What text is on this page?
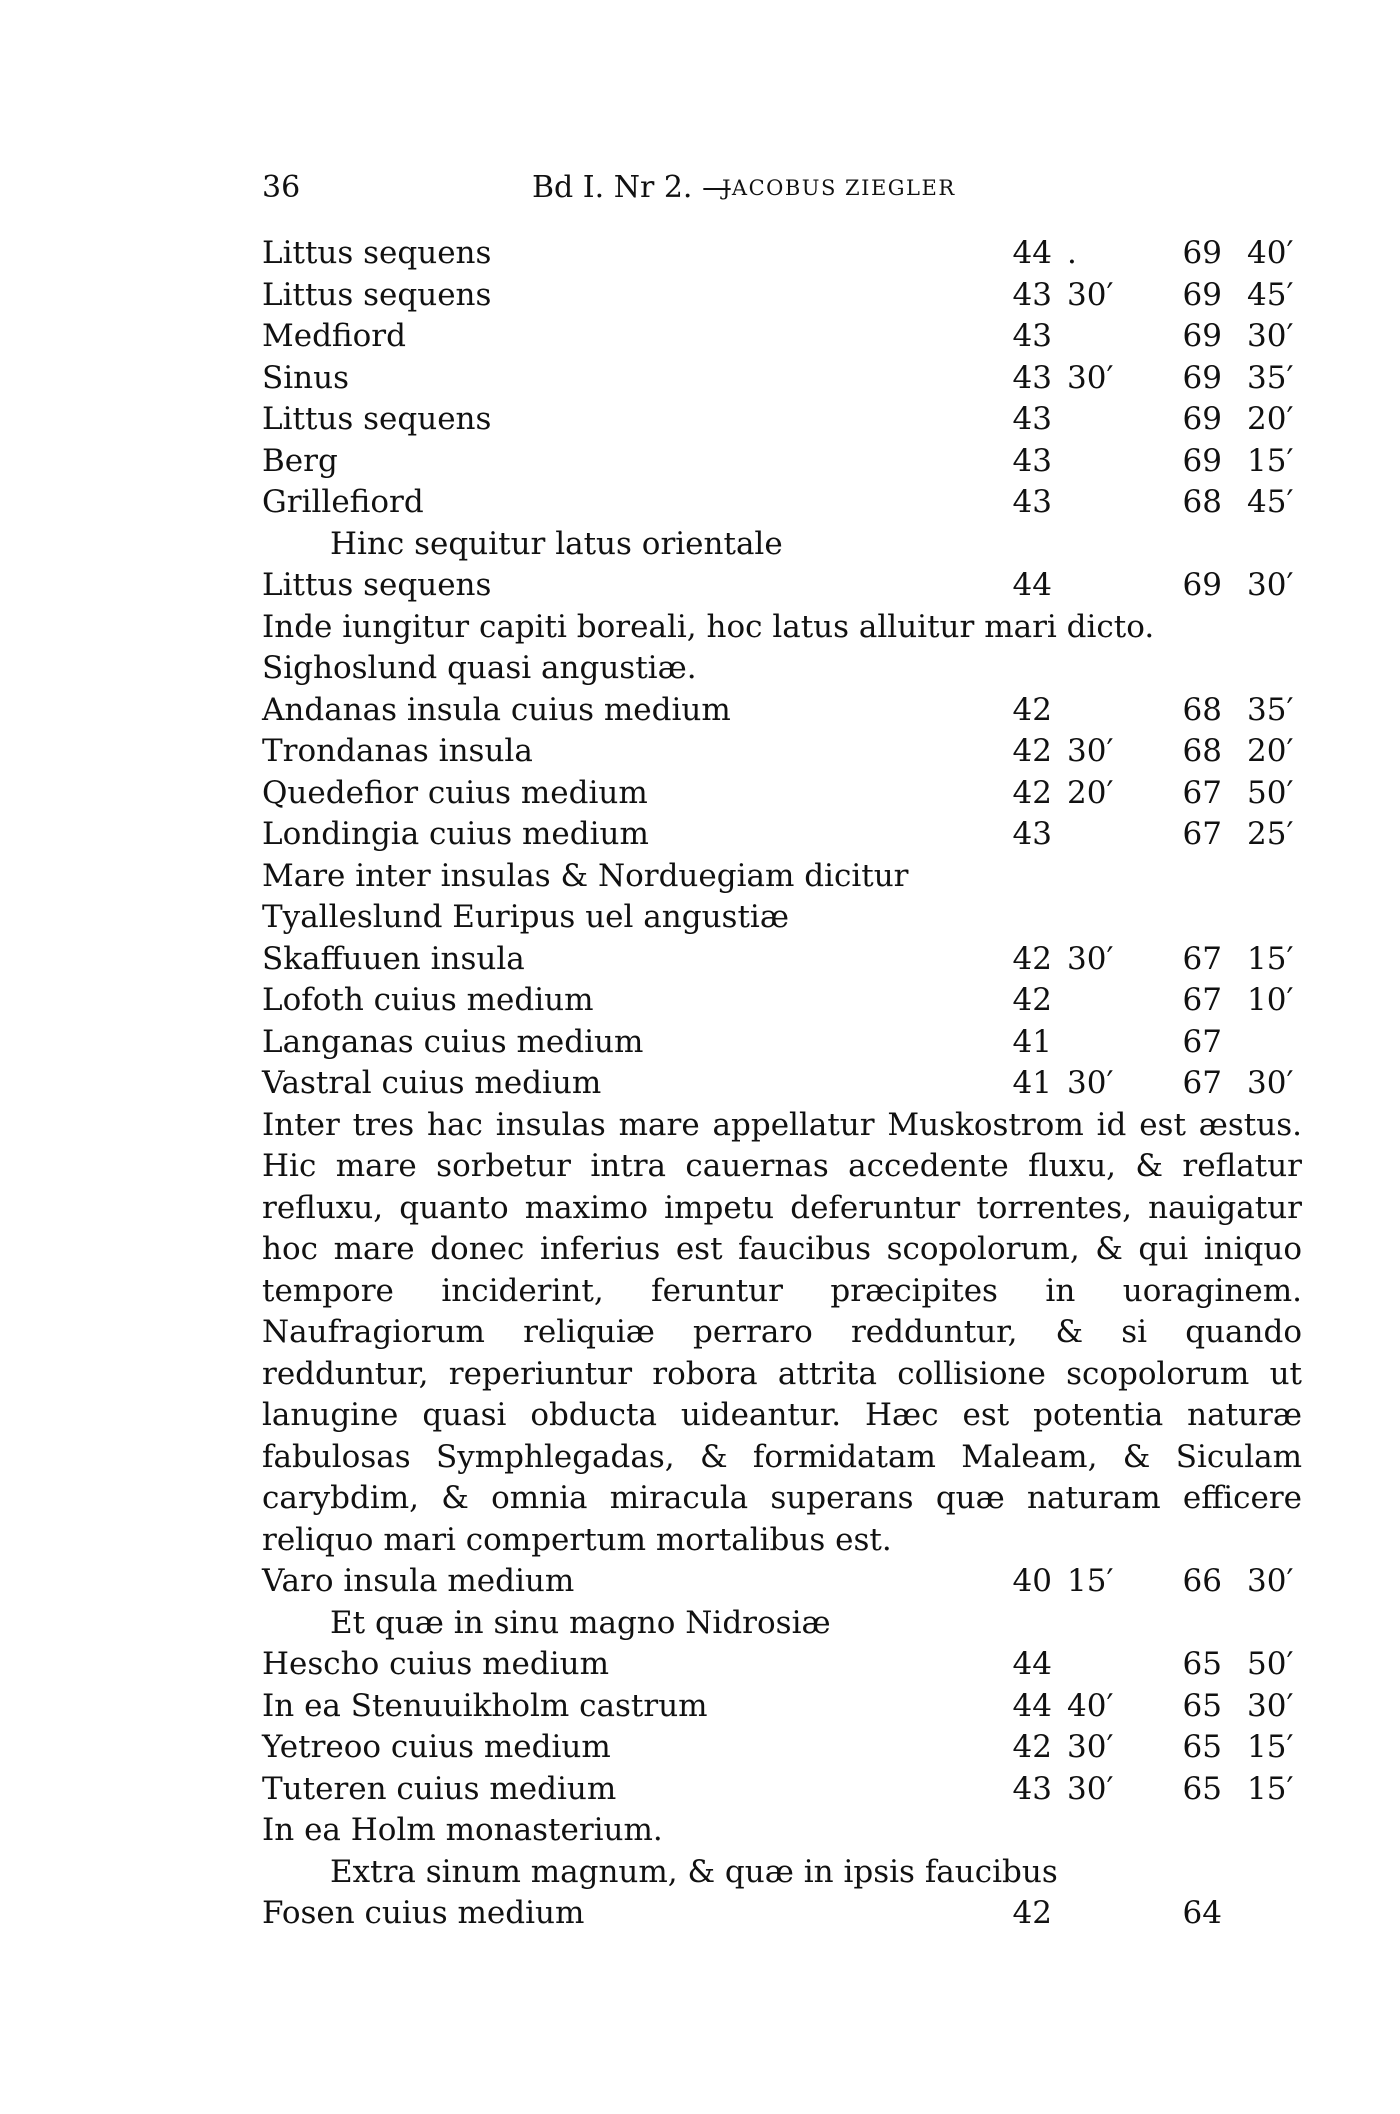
36	Bd I. Nr 2. —
JACOBUS ZIEGLER
Littus sequens	44 .	69 40′
Littus sequens	43 30′	69 45′
Medfiord	43	69 30′
Sinus	43 30′	69 35′
Littus sequens	43	69 20′
Berg	43	69 15′
Grillefiord	43	68 45′
Hinc sequitur latus orientale
Littus sequens	44	69 30′
Inde iungitur capiti boreali, hoc latus alluitur mari dicto.
Sighoslund quasi angustiæ.
Andanas insula cuius medium	42	68 35′
Trondanas insula	42 30′	68 20′
Quedefior cuius medium	42 20′	67 50′
Londingia cuius medium	43	67 25′
Mare inter insulas & Norduegiam dicitur
Tyalleslund Euripus uel angustiæ
Skaffuuen insula	42 30′	67 15′
Lofoth cuius medium	42	67 10′
Langanas cuius medium	41	67
Vastral cuius medium	41 30′	67 30′
Inter tres hac insulas mare appellatur Muskostrom id est æstus. Hic mare sorbetur intra cauernas accedente fluxu, & reflatur refluxu, quanto maximo impetu deferuntur torrentes, nauigatur hoc mare donec inferius est faucibus scopolorum, & qui iniquo tempore inciderint, feruntur præcipites in uoraginem. Naufragiorum reliquiæ perraro redduntur, & si quando redduntur, reperiuntur robora attrita collisione scopolorum ut lanugine quasi obducta uideantur. Hæc est potentia naturæ fabulosas Symphlegadas, & formidatam Maleam, & Siculam carybdim, & omnia miracula superans quæ naturam efficere reliquo mari compertum mortalibus est.
Varo insula medium	40 15′	66 30′
Et quæ in sinu magno Nidrosiæ
Hescho cuius medium	44	65 50′
In ea Stenuuikholm castrum	44 40′	65 30′
Yetreoo cuius medium	42 30′	65 15′
Tuteren cuius medium	43 30′	65 15′
In ea Holm monasterium.
Extra sinum magnum, & quæ in ipsis faucibus
Fosen cuius medium	42	64
